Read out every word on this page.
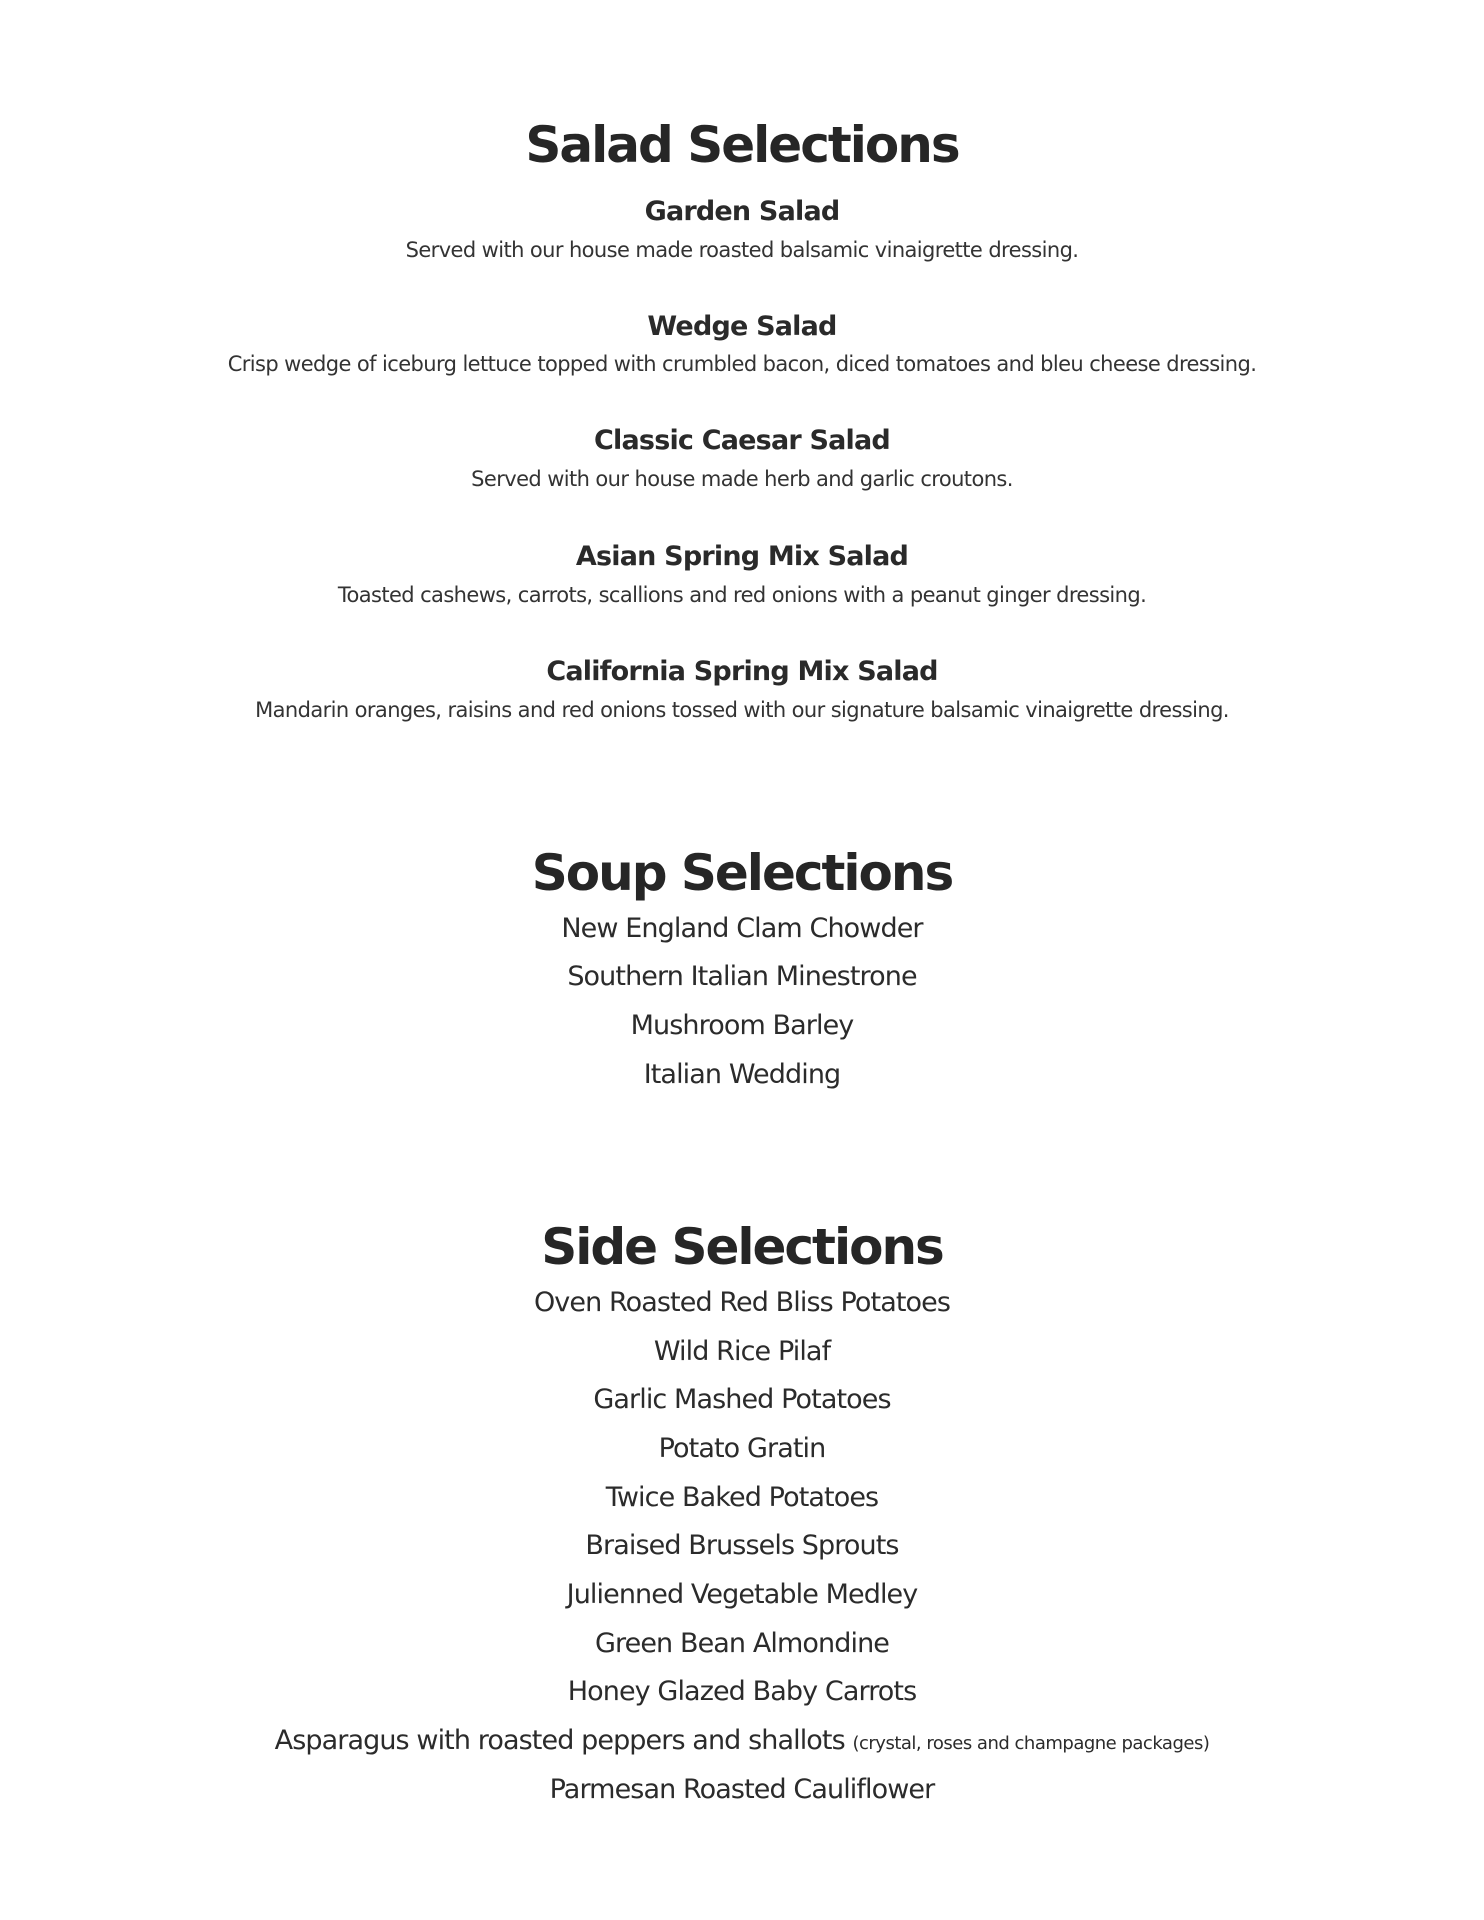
Salad Selections
Garden Salad
Served with our house made roasted balsamic vinaigrette dressing.
Wedge Salad
Crisp wedge of iceburg lettuce topped with crumbled bacon, diced tomatoes and bleu cheese dressing.
Classic Caesar Salad
Served with our house made herb and garlic croutons.
Asian Spring Mix Salad
Toasted cashews, carrots, scallions and red onions with a peanut ginger dressing.
California Spring Mix Salad
Mandarin oranges, raisins and red onions tossed with our signature balsamic vinaigrette dressing.
Soup Selections
New England Clam Chowder
Southern Italian Minestrone
Mushroom Barley
Italian Wedding
Side Selections
Oven Roasted Red Bliss Potatoes
Wild Rice Pilaf
Garlic Mashed Potatoes
Potato Gratin
Twice Baked Potatoes
Braised Brussels Sprouts
Julienned Vegetable Medley
Green Bean Almondine
Honey Glazed Baby Carrots
Asparagus with roasted peppers and shallots (crystal, roses and champagne packages)
Parmesan Roasted Cauliflower
